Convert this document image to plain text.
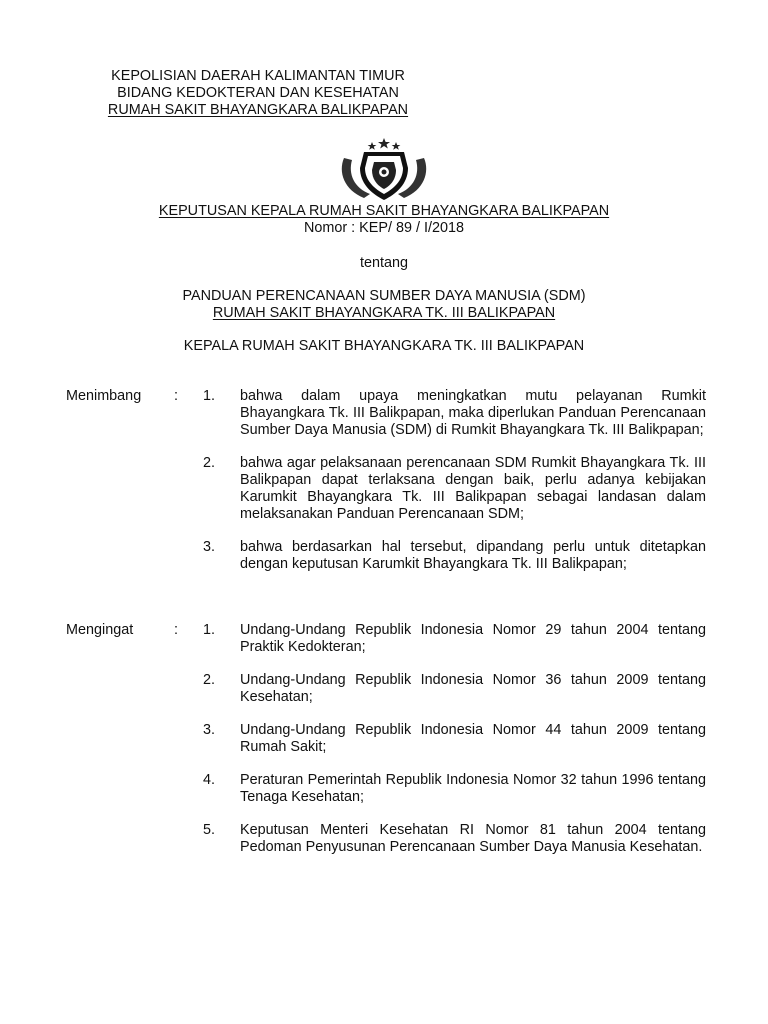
KEPOLISIAN DAERAH KALIMANTAN TIMUR
BIDANG KEDOKTERAN DAN KESEHATAN
RUMAH SAKIT BHAYANGKARA BALIKPAPAN
KEPUTUSAN KEPALA RUMAH SAKIT BHAYANGKARA BALIKPAPAN
Nomor : KEP/ 89 / I/2018
tentang
PANDUAN PERENCANAAN SUMBER DAYA MANUSIA (SDM)
RUMAH SAKIT BHAYANGKARA TK. III BALIKPAPAN
KEPALA RUMAH SAKIT BHAYANGKARA TK. III BALIKPAPAN
Menimbang : 1. bahwa dalam upaya meningkatkan mutu pelayanan Rumkit Bhayangkara Tk. III Balikpapan, maka diperlukan Panduan Perencanaan Sumber Daya Manusia (SDM) di Rumkit Bhayangkara Tk. III Balikpapan;
2. bahwa agar pelaksanaan perencanaan SDM Rumkit Bhayangkara Tk. III Balikpapan dapat terlaksana dengan baik, perlu adanya kebijakan Karumkit Bhayangkara Tk. III Balikpapan sebagai landasan dalam melaksanakan Panduan Perencanaan SDM;
3. bahwa berdasarkan hal tersebut, dipandang perlu untuk ditetapkan dengan keputusan Karumkit Bhayangkara Tk. III Balikpapan;
Mengingat	: 1. Undang-Undang Republik Indonesia Nomor 29 tahun 2004 tentang Praktik Kedokteran;
2. Undang-Undang Republik Indonesia Nomor 36 tahun 2009 tentang Kesehatan;
3. Undang-Undang Republik Indonesia Nomor 44 tahun 2009 tentang Rumah Sakit;
4. Peraturan Pemerintah Republik Indonesia Nomor 32 tahun 1996 tentang Tenaga Kesehatan;
5. Keputusan Menteri Kesehatan RI Nomor 81 tahun 2004 tentang Pedoman Penyusunan Perencanaan Sumber Daya Manusia Kesehatan.
